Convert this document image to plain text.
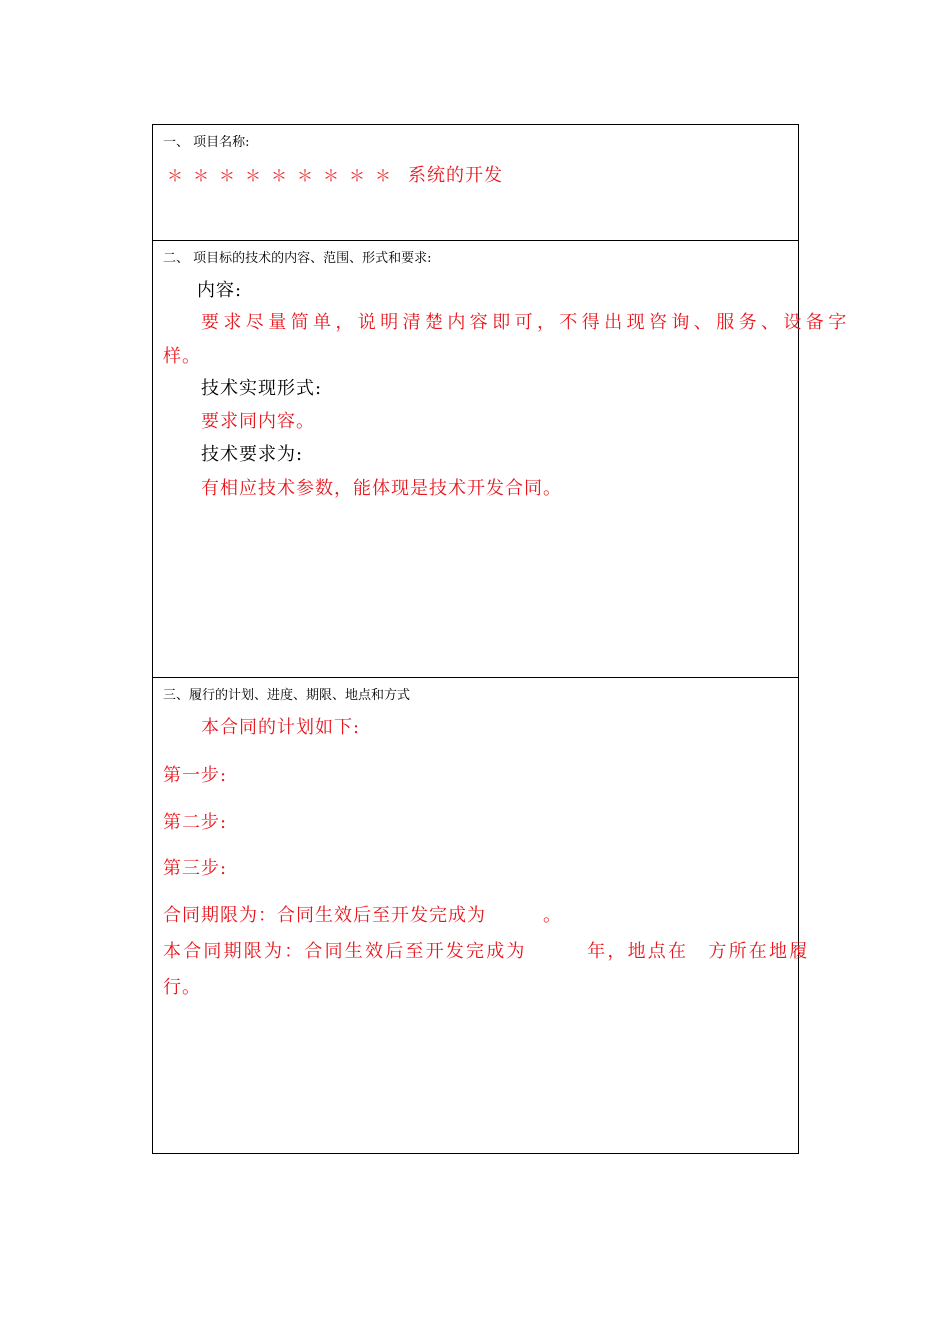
一、 项目名称:
＊＊＊＊＊＊＊＊＊ 系统的开发
二、 项目标的技术的内容、范围、形式和要求:
内容:
要求尽量简单，说明清楚内容即可，不得出现咨询、服务、设备字
样。
技术实现形式:
要求同内容。
技术要求为:
有相应技术参数，能体现是技术开发合同。
三、履行的计划、进度、期限、地点和方式
本合同的计划如下:
第一步:
第二步:
第三步:
合同期限为：合同生效后至开发完成为　　　。
本合同期限为：合同生效后至开发完成为　　　年，地点在　方所在地履
行。
